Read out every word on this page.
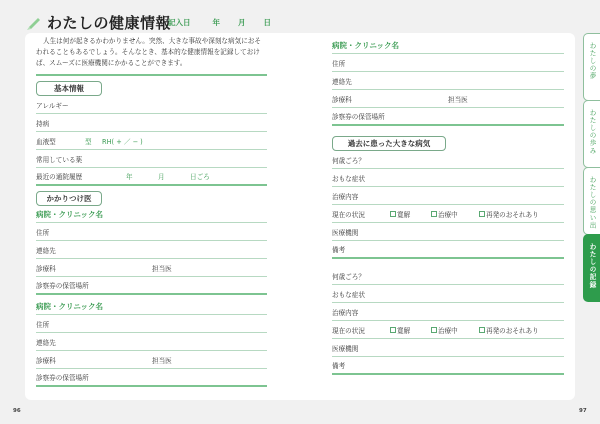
わたしの健康情報
記入日	年 月 日

人生は何が起きるかわかりません。突然、大きな事故や深刻な病気におそわれることもあるでしょう。そんなとき、基本的な健康情報を記録しておけば、スムーズに医療機関にかかることができます。

基本情報
アレルギー
持病
血液型	型 RH( + ／ − )
常用している薬
最近の通院履歴	年	月	日ごろ
かかりつけ医
病院・クリニック名
住所
連絡先
診療科	担当医
診察券の保管場所
病院・クリニック名
住所
連絡先
診療科	担当医
診察券の保管場所
病院・クリニック名
住所
連絡先
診療科	担当医
診察券の保管場所
過去に患った大きな病気
何歳ごろ？
おもな症状
治療内容
現在の状況	寛解	治療中	再発のおそれあり
医療機関
備考
何歳ごろ？
おもな症状
治療内容
現在の状況	寛解	治療中	再発のおそれあり
医療機関
備考
わたしの夢
わたしの歩み
わたしの思い出
わたしの記録
96	97
